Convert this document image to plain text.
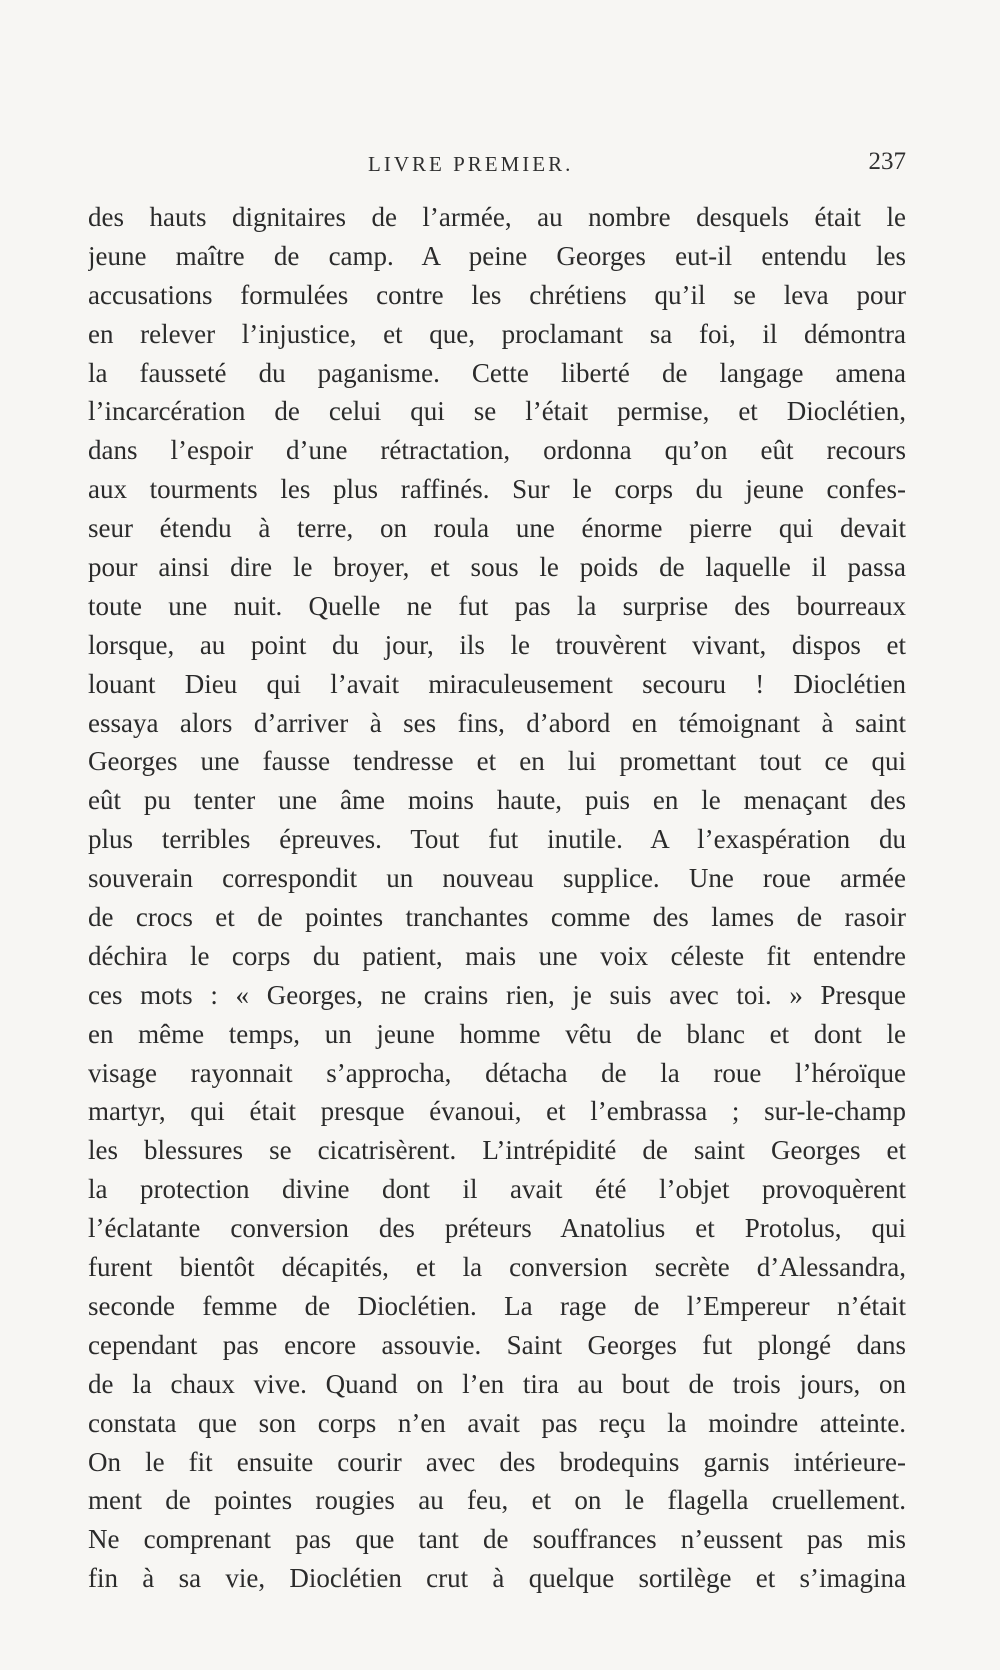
LIVRE PREMIER.	237
des hauts dignitaires de l’armée, au nombre desquels était le
jeune maître de camp. A peine Georges eut-il entendu les
accusations formulées contre les chrétiens qu’il se leva pour
en relever l’injustice, et que, proclamant sa foi, il démontra
la fausseté du paganisme. Cette liberté de langage amena
l’incarcération de celui qui se l’était permise, et Dioclétien,
dans l’espoir d’une rétractation, ordonna qu’on eût recours
aux tourments les plus raffinés. Sur le corps du jeune confes-
seur étendu à terre, on roula une énorme pierre qui devait
pour ainsi dire le broyer, et sous le poids de laquelle il passa
toute une nuit. Quelle ne fut pas la surprise des bourreaux
lorsque, au point du jour, ils le trouvèrent vivant, dispos et
louant Dieu qui l’avait miraculeusement secouru ! Dioclétien
essaya alors d’arriver à ses fins, d’abord en témoignant à saint
Georges une fausse tendresse et en lui promettant tout ce qui
eût pu tenter une âme moins haute, puis en le menaçant des
plus terribles épreuves. Tout fut inutile. A l’exaspération du
souverain correspondit un nouveau supplice. Une roue armée
de crocs et de pointes tranchantes comme des lames de rasoir
déchira le corps du patient, mais une voix céleste fit entendre
ces mots : « Georges, ne crains rien, je suis avec toi. » Presque
en même temps, un jeune homme vêtu de blanc et dont le
visage rayonnait s’approcha, détacha de la roue l’héroïque
martyr, qui était presque évanoui, et l’embrassa ; sur-le-champ
les blessures se cicatrisèrent. L’intrépidité de saint Georges et
la protection divine dont il avait été l’objet provoquèrent
l’éclatante conversion des préteurs Anatolius et Protolus, qui
furent bientôt décapités, et la conversion secrète d’Alessandra,
seconde femme de Dioclétien. La rage de l’Empereur n’était
cependant pas encore assouvie. Saint Georges fut plongé dans
de la chaux vive. Quand on l’en tira au bout de trois jours, on
constata que son corps n’en avait pas reçu la moindre atteinte.
On le fit ensuite courir avec des brodequins garnis intérieure-
ment de pointes rougies au feu, et on le flagella cruellement.
Ne comprenant pas que tant de souffrances n’eussent pas mis
fin à sa vie, Dioclétien crut à quelque sortilège et s’imagina
